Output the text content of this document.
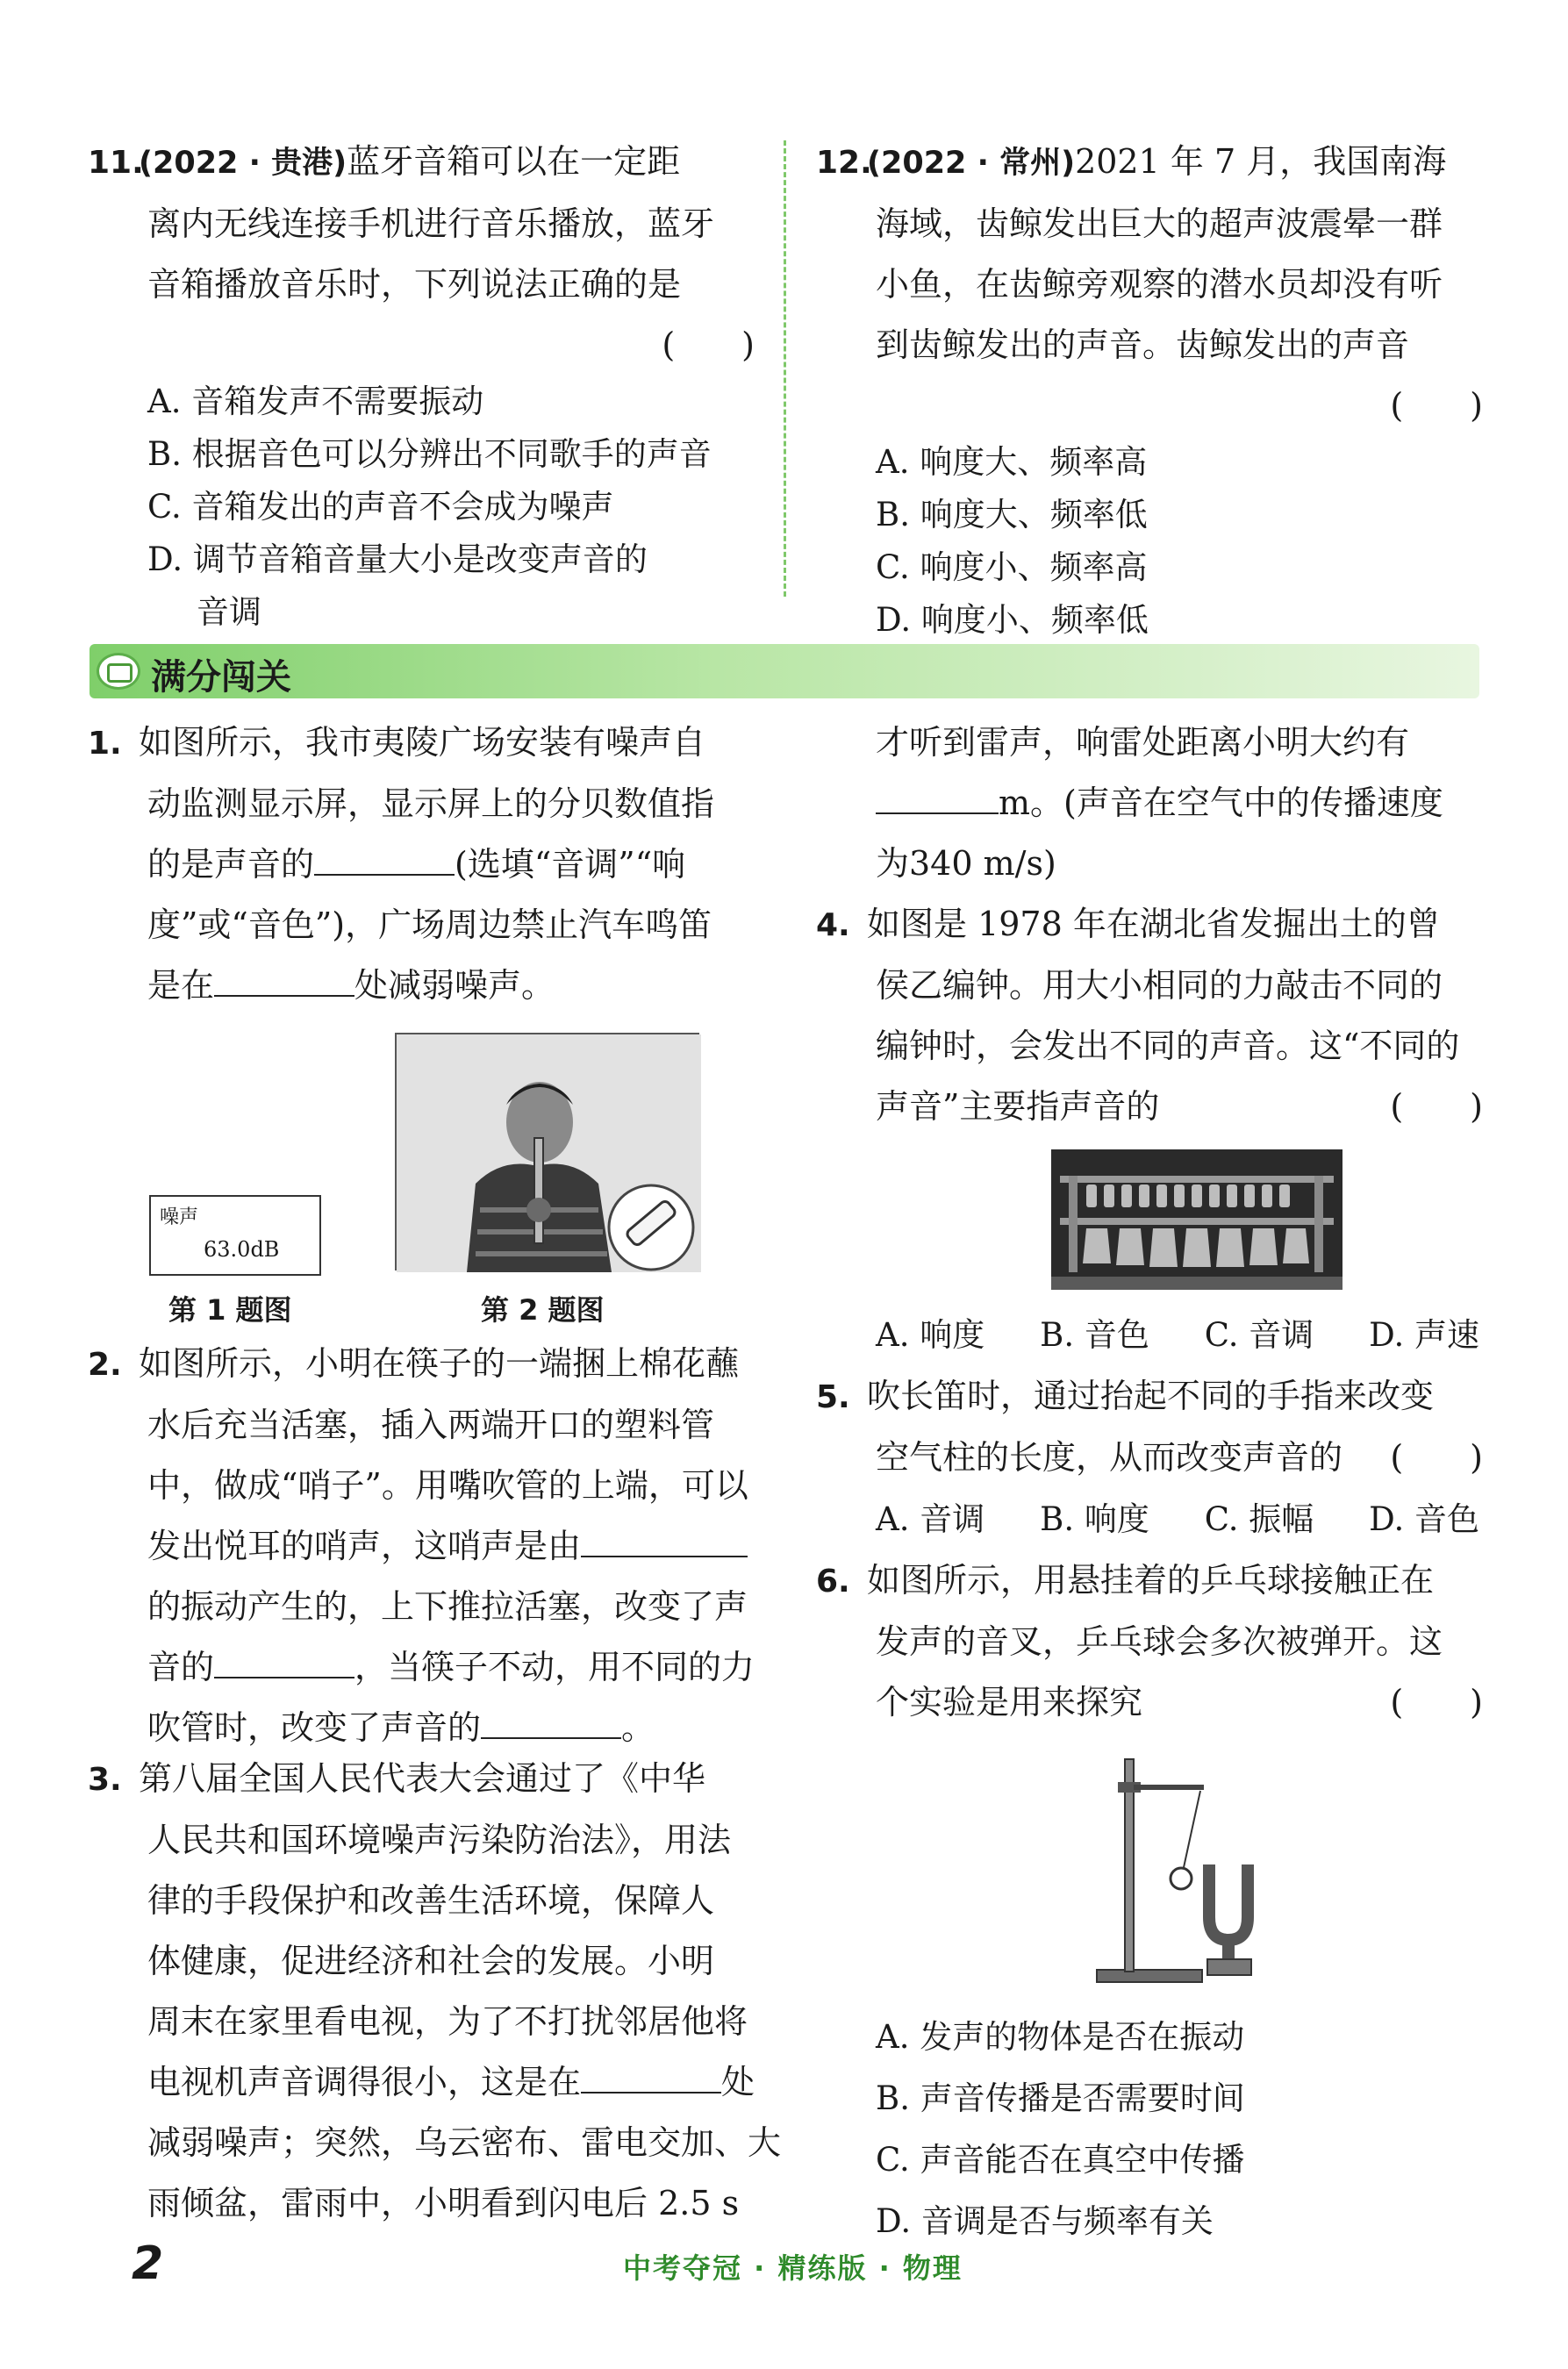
11.(2022 · 贵港)蓝牙音箱可以在一定距
离内无线连接手机进行音乐播放，蓝牙
音箱播放音乐时，下列说法正确的是
(　　)
A. 音箱发声不需要振动
B. 根据音色可以分辨出不同歌手的声音
C. 音箱发出的声音不会成为噪声
D. 调节音箱音量大小是改变声音的
音调
12.(2022 · 常州)2021 年 7 月，我国南海
海域，齿鲸发出巨大的超声波震晕一群
小鱼，在齿鲸旁观察的潜水员却没有听
到齿鲸发出的声音。齿鲸发出的声音
(　　)
A. 响度大、频率高
B. 响度大、频率低
C. 响度小、频率高
D. 响度小、频率低
满分闯关
1. 如图所示，我市夷陵广场安装有噪声自
动监测显示屏，显示屏上的分贝数值指
的是声音的	(选填“音调”“响
度”或“音色”)，广场周边禁止汽车鸣笛
是在	处减弱噪声。
噪声
63.0dB
第 1 题图	第 2 题图
2. 如图所示，小明在筷子的一端捆上棉花蘸
水后充当活塞，插入两端开口的塑料管
中，做成“哨子”。用嘴吹管的上端，可以
发出悦耳的哨声，这哨声是由
的振动产生的，上下推拉活塞，改变了声
音的	，当筷子不动，用不同的力
吹管时，改变了声音的	。
3. 第八届全国人民代表大会通过了《中华
人民共和国环境噪声污染防治法》，用法
律的手段保护和改善生活环境，保障人
体健康，促进经济和社会的发展。小明
周末在家里看电视，为了不打扰邻居他将
电视机声音调得很小，这是在	处
减弱噪声；突然，乌云密布、雷电交加、大
雨倾盆，雷雨中，小明看到闪电后 2.5 s
才听到雷声，响雷处距离小明大约有
m。(声音在空气中的传播速度
为340 m/s)
4. 如图是 1978 年在湖北省发掘出土的曾
侯乙编钟。用大小相同的力敲击不同的
编钟时，会发出不同的声音。这“不同的
声音”主要指声音的	(　　)
A. 响度 B. 音色 C. 音调 D. 声速
5. 吹长笛时，通过抬起不同的手指来改变
空气柱的长度，从而改变声音的 (　　)
A. 音调 B. 响度 C. 振幅 D. 音色
6. 如图所示，用悬挂着的乒乓球接触正在
发声的音叉，乒乓球会多次被弹开。这
个实验是用来探究	(　　)
A. 发声的物体是否在振动
B. 声音传播是否需要时间
C. 声音能否在真空中传播
D. 音调是否与频率有关
2	中考夺冠 · 精练版 · 物理
